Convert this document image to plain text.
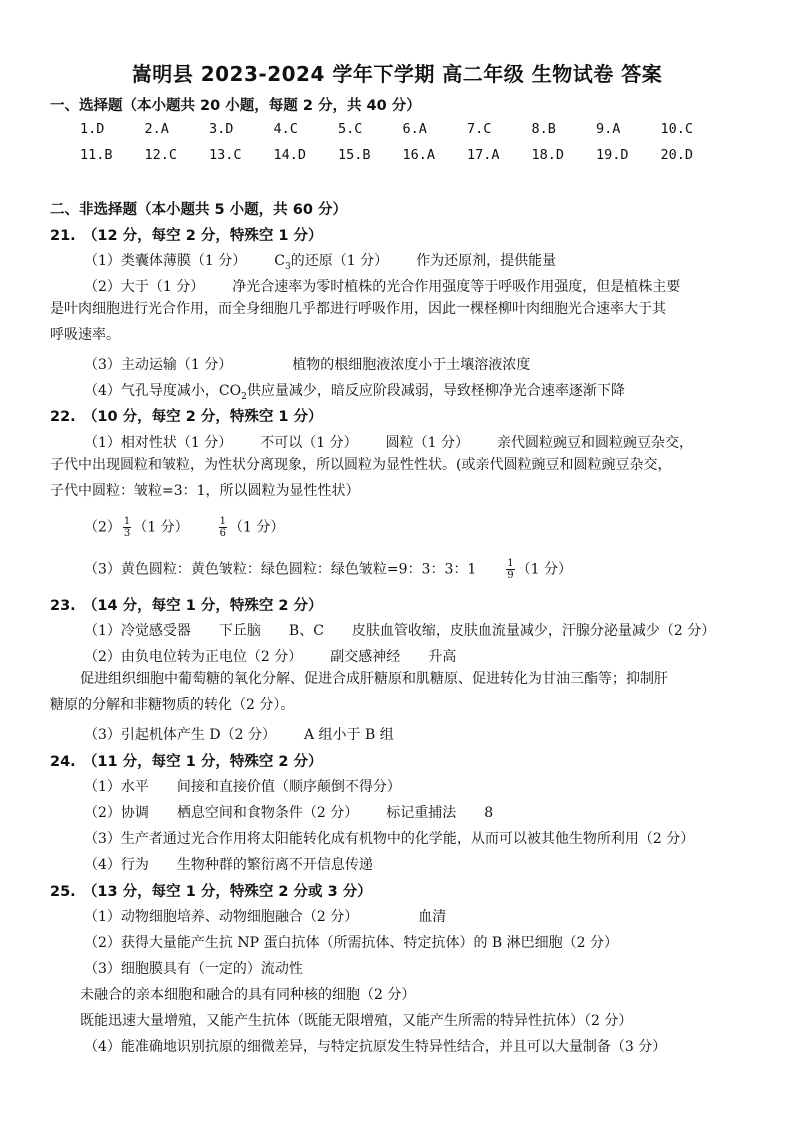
嵩明县 2023-2024 学年下学期 高二年级 生物试卷 答案
一、选择题（本小题共 20 小题，每题 2 分，共 40 分）
1.D	2.A	3.D	4.C	5.C	6.A	7.C	8.B	9.A	10.C
11.B	12.C	13.C	14.D	15.B	16.A	17.A	18.D	19.D	20.D
二、非选择题（本小题共 5 小题，共 60 分）
21.　（12 分，每空 2 分，特殊空 1 分）
（1）类囊体薄膜（1 分） $C_3$的还原（1 分） 作为还原剂，提供能量
（2）大于（1 分） 净光合速率为零时植株的光合作用强度等于呼吸作用强度，但是植株主要
是叶肉细胞进行光合作用，而全身细胞几乎都进行呼吸作用，因此一棵柽柳叶肉细胞光合速率大于其
呼吸速率。
（3）主动运输（1 分）	植物的根细胞液浓度小于土壤溶液浓度
（4）气孔导度减小，$CO_2$供应量减少，暗反应阶段减弱，导致柽柳净光合速率逐渐下降
22.　（10 分，每空 2 分，特殊空 1 分）
（1）相对性状（1 分） 不可以（1 分） 圆粒（1 分） 亲代圆粒豌豆和圆粒豌豆杂交，
子代中出现圆粒和皱粒，为性状分离现象，所以圆粒为显性性状。(或亲代圆粒豌豆和圆粒豌豆杂交，
子代中圆粒：皱粒=3：1，所以圆粒为显性性状）
$(2) \frac{1}{3} (1$ 分）	$\frac{1}{6} (1$ 分）
（3）黄色圆粒：黄色皱粒：绿色圆粒：绿色皱粒=9：3：3：1	$\frac{1}{9} (1$ 分）
23.　（14 分，每空 1 分，特殊空 2 分）
（1）冷觉感受器 下丘脑 B、C 皮肤血管收缩，皮肤血流量减少，汗腺分泌量减少（2 分）
（2）由负电位转为正电位（2 分） 副交感神经 升高
促进组织细胞中葡萄糖的氧化分解、促进合成肝糖原和肌糖原、促进转化为甘油三酯等；抑制肝
糖原的分解和非糖物质的转化（2 分）。
（3）引起机体产生 D（2 分） A 组小于 B 组
24.　（11 分，每空 1 分，特殊空 2 分）
（1）水平 间接和直接价值（顺序颠倒不得分）
（2）协调 栖息空间和食物条件（2 分） 标记重捕法 8
（3）生产者通过光合作用将太阳能转化成有机物中的化学能，从而可以被其他生物所利用（2 分）
（4）行为 生物种群的繁衍离不开信息传递
25.　（13 分，每空 1 分，特殊空 2 分或 3 分）
（1）动物细胞培养、动物细胞融合（2 分）	血清
（2）获得大量能产生抗 NP 蛋白抗体（所需抗体、特定抗体）的 B 淋巴细胞（2 分）
（3）细胞膜具有（一定的）流动性
未融合的亲本细胞和融合的具有同种核的细胞（2 分）
既能迅速大量增殖，又能产生抗体（既能无限增殖，又能产生所需的特异性抗体）（2 分）
（4）能准确地识别抗原的细微差异，与特定抗原发生特异性结合，并且可以大量制备（3 分）
